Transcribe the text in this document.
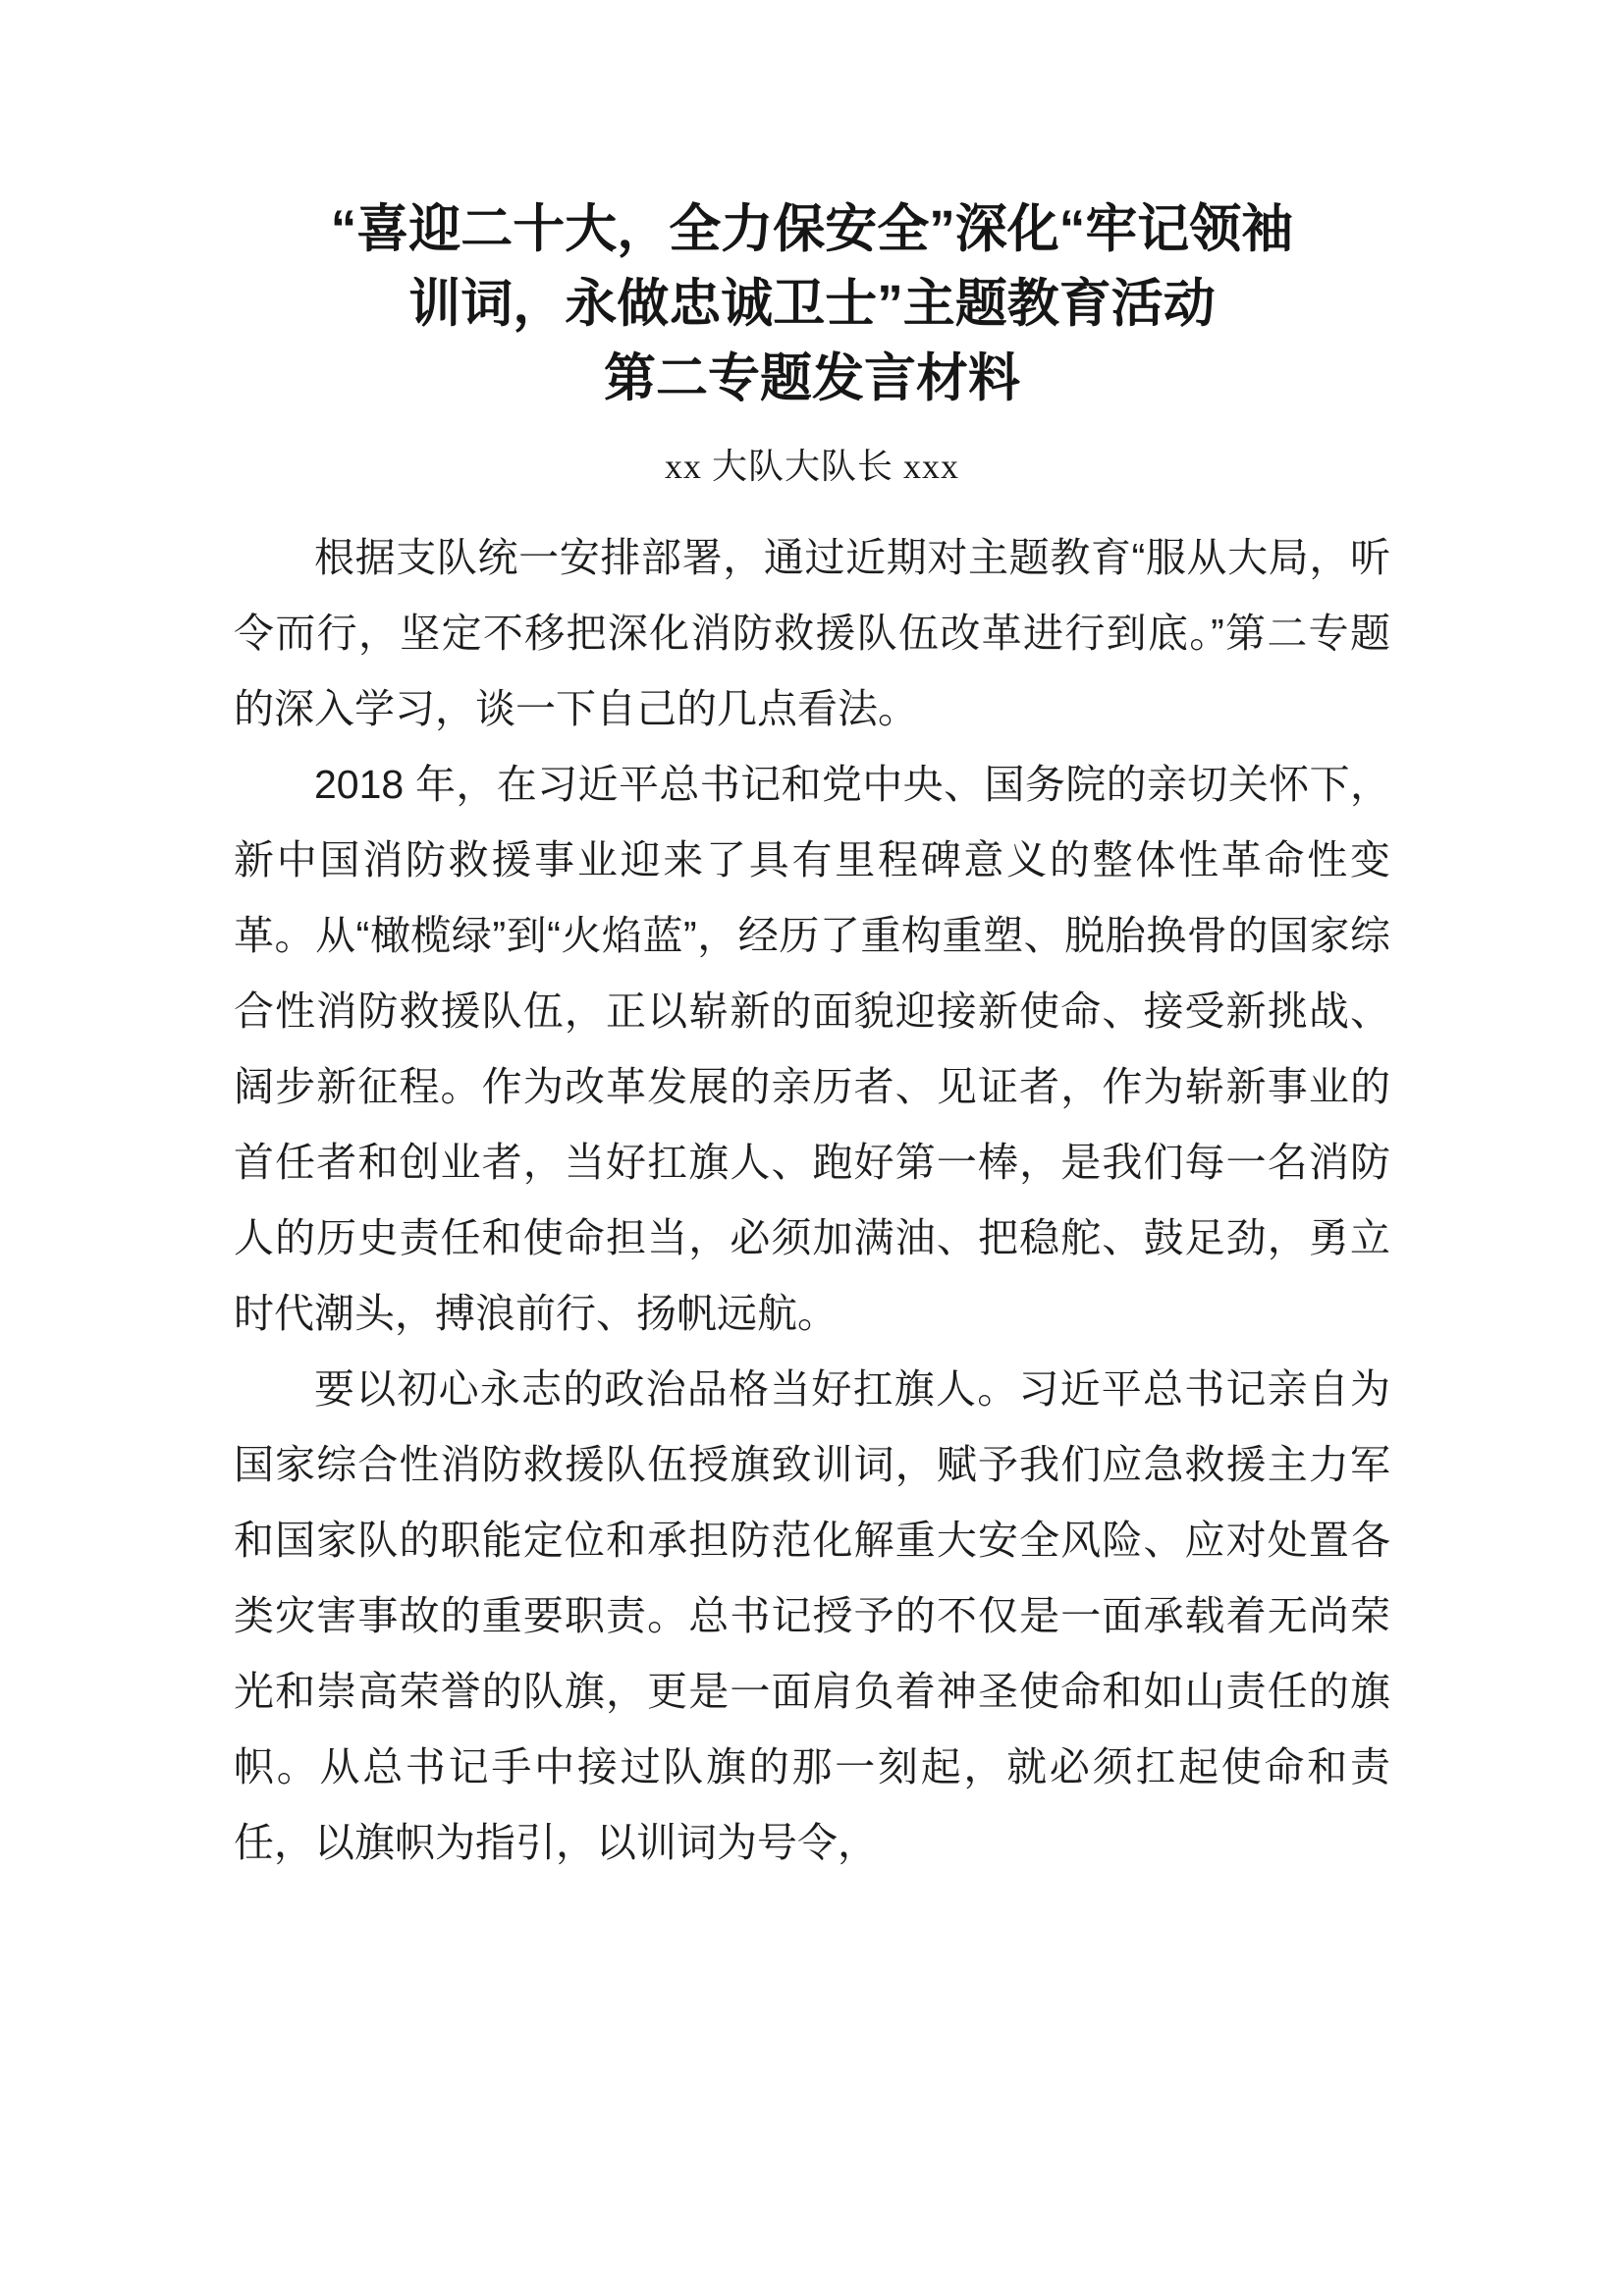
“喜迎二十大，全力保安全”深化“牢记领袖
训词，永做忠诚卫士”主题教育活动
第二专题发言材料
xx 大队大队长 xxx

根据支队统一安排部署，通过近期对主题教育“服从大局，听令而行，坚定不移把深化消防救援队伍改革进行到底。”第二专题的深入学习，谈一下自己的几点看法。

2018 年，在习近平总书记和党中央、国务院的亲切关怀下，新中国消防救援事业迎来了具有里程碑意义的整体性革命性变革。从“橄榄绿”到“火焰蓝”，经历了重构重塑、脱胎换骨的国家综合性消防救援队伍，正以崭新的面貌迎接新使命、接受新挑战、阔步新征程。作为改革发展的亲历者、见证者，作为崭新事业的首任者和创业者，当好扛旗人、跑好第一棒，是我们每一名消防人的历史责任和使命担当，必须加满油、把稳舵、鼓足劲，勇立时代潮头，搏浪前行、扬帆远航。

要以初心永志的政治品格当好扛旗人。习近平总书记亲自为国家综合性消防救援队伍授旗致训词，赋予我们应急救援主力军和国家队的职能定位和承担防范化解重大安全风险、应对处置各类灾害事故的重要职责。总书记授予的不仅是一面承载着无尚荣光和崇高荣誉的队旗，更是一面肩负着神圣使命和如山责任的旗帜。从总书记手中接过队旗的那一刻起，就必须扛起使命和责任，以旗帜为指引，以训词为号令，
